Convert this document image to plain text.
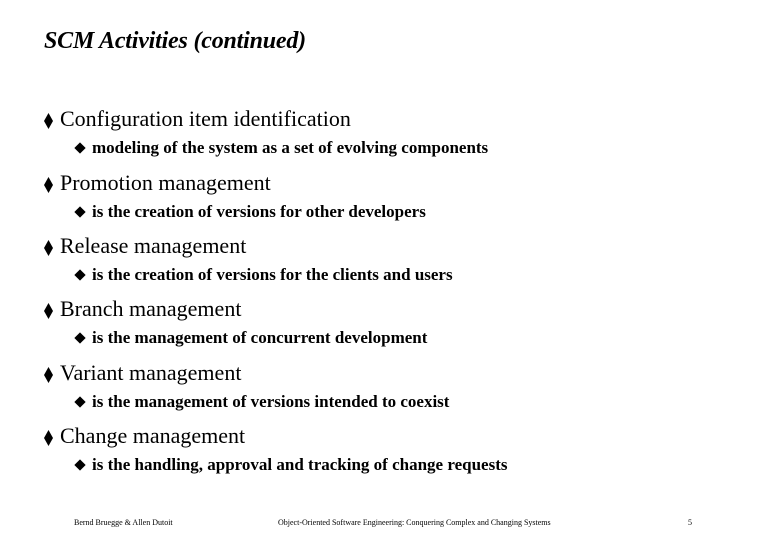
SCM Activities (continued)
Configuration item identification
modeling of the system as a set of evolving components
Promotion management
is the creation of versions for other developers
Release management
is the creation of versions for the clients and users
Branch management
is the management of concurrent development
Variant management
is the management of versions intended to coexist
Change management
is the handling, approval and tracking of change requests
Bernd Bruegge & Allen Dutoit	Object-Oriented Software Engineering: Conquering Complex and Changing Systems	5
